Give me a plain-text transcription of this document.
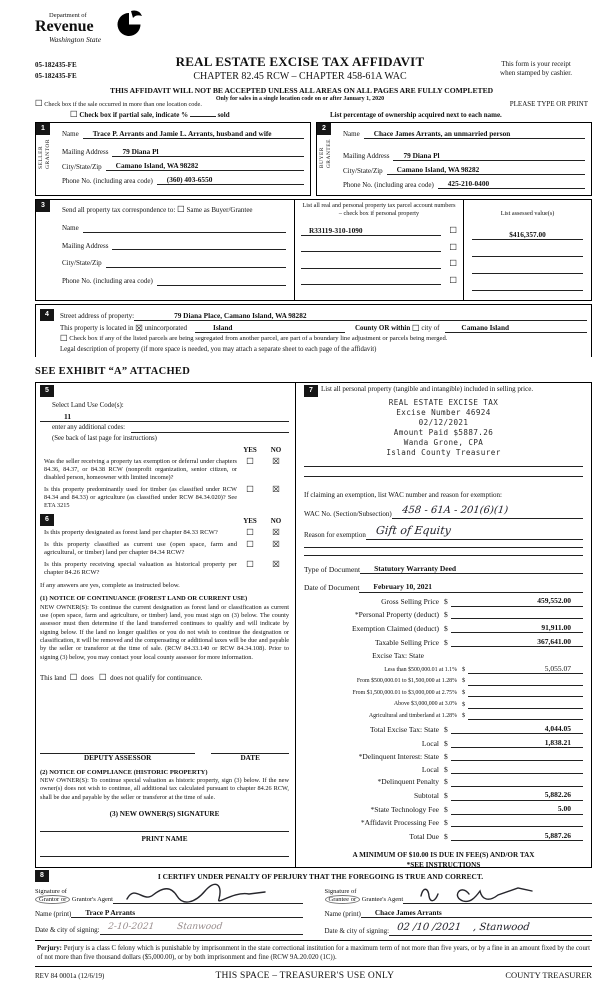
Department of
Revenue
Washington State
05-182435-FE
05-182435-FE
REAL ESTATE EXCISE TAX AFFIDAVIT
CHAPTER 82.45 RCW – CHAPTER 458-61A WAC
THIS AFFIDAVIT WILL NOT BE ACCEPTED UNLESS ALL AREAS ON ALL PAGES ARE FULLY COMPLETED
Only for sales in a single location code on or after January 1, 2020
This form is your receipt
when stamped by cashier.
☐ Check box if the sale occurred in more than one location code.	PLEASE TYPE OR PRINT
☐ Check box if partial sale, indicate %	sold	List percentage of ownership acquired next to each name.
1
SELLER GRANTOR
Name	Trace P. Arrants and Jamie L. Arrants, husband and wife
Mailing Address	79 Diana Pl
City/State/Zip	Camano Island, WA 98282
Phone No. (including area code)	(360) 403-6550
2
BUYER GRANTEE
Name	Chace James Arrants, an unmarried person
Mailing Address	79 Diana Pl
City/State/Zip	Camano Island, WA 98282
Phone No. (including area code)	425-210-0400
3
Send all property tax correspondence to: ☐ Same as Buyer/Grantee
Name
Mailing Address
City/State/Zip
Phone No. (including area code)
List all real and personal property tax parcel account numbers – check box if personal property
R33119-310-1090	☐
☐
☐
☐
List assessed value(s)
$416,357.00
4	Street address of property:	79 Diana Place, Camano Island, WA 98282
This property is located in
☒
unincorporated	Island	County OR within
☐
city of	Camano Island
☐
Check box if any of the listed parcels are being segregated from another parcel, are part of a boundary line adjustment or parcels being merged.
Legal description of property (if more space is needed, you may attach a separate sheet to each page of the affidavit)
SEE EXHIBIT “A” ATTACHED
5
Select Land Use Code(s):
11
enter any additional codes:
(See back of last page for instructions)
YES	NO
Was the seller receiving a property tax exemption or deferral under chapters 84.36, 84.37, or 84.38 RCW (nonprofit organization, senior citizen, or disabled person, homeowner with limited income)?
☐	☒
Is this property predominantly used for timber (as classified under RCW 84.34 and 84.33) or agriculture (as classified under RCW 84.34.020)? See ETA 3215
☐	☒
6	YES	NO
Is this property designated as forest land per chapter 84.33 RCW?	☐	☒
Is this property classified as current use (open space, farm and agricultural, or timber) land per chapter 84.34 RCW?
☐	☒
Is this property receiving special valuation as historical property per chapter 84.26 RCW?
☐	☒
If any answers are yes, complete as instructed below.
(1) NOTICE OF CONTINUANCE (FOREST LAND OR CURRENT USE)
NEW OWNER(S): To continue the current designation as forest land or classification as current use (open space, farm and agriculture, or timber) land, you must sign on (3) below. The county assessor must then determine if the land transferred continues to qualify and will indicate by signing below. If the land no longer qualifies or you do not wish to continue the designation or classification, it will be removed and the compensating or additional taxes will be due and payable by the seller or transferor at the time of sale. (RCW 84.33.140 or RCW 84.34.108). Prior to signing (3) below, you may contact your local county assessor for more information.
This land ☐ does ☐ does not qualify for continuance.
DEPUTY ASSESSOR	DATE
(2) NOTICE OF COMPLIANCE (HISTORIC PROPERTY)
NEW OWNER(S): To continue special valuation as historic property, sign (3) below. If the new owner(s) does not wish to continue, all additional tax calculated pursuant to chapter 84.26 RCW, shall be due and payable by the seller or transferor at the time of sale.
(3) NEW OWNER(S) SIGNATURE
PRINT NAME
7	List all personal property (tangible and intangible) included in selling price.
REAL ESTATE EXCISE TAX
Excise Number 46924
02/12/2021
Amount Paid $5887.26
Wanda Grone, CPA
Island County Treasurer
If claiming an exemption, list WAC number and reason for exemption:
WAC No. (Section/Subsection) 458 - 61A - 201(6)(1)
Reason for exemption Gift of Equity
Type of Document	Statutory Warranty Deed
Date of Document	February 10, 2021
Gross Selling Price $	459,552.00
*Personal Property (deduct) $
Exemption Claimed (deduct) $	91,911.00
Taxable Selling Price $	367,641.00
Excise Tax: State
Less than $500,000.01 at 1.1% $	5,055.07
From $500,000.01 to $1,500,000 at 1.28% $
From $1,500,000.01 to $3,000,000 at 2.75% $
Above $3,000,000 at 3.0% $
Agricultural and timberland at 1.28% $
Total Excise Tax: State $	4,044.05
Local $	1,838.21
*Delinquent Interest: State $
Local $
*Delinquent Penalty $
Subtotal $	5,882.26
*State Technology Fee $	5.00
*Affidavit Processing Fee $
Total Due $	5,887.26
A MINIMUM OF $10.00 IS DUE IN FEE(S) AND/OR TAX
*SEE INSTRUCTIONS
8	I CERTIFY UNDER PENALTY OF PERJURY THAT THE FOREGOING IS TRUE AND CORRECT.
Signature of
Grantor or Grantor's Agent
Name (print)	Trace P Arrants
Date & city of signing: 2-10-2021	Stanwood
Signature of
Grantee or Grantee's Agent
Name (print)	Chace James Arrants
Date & city of signing: 02 /10 /2021 , Stanwood
Perjury: Perjury is a class C felony which is punishable by imprisonment in the state correctional institution for a maximum term of not more than five years, or by a fine in an amount fixed by the court of not more than five thousand dollars ($5,000.00), or by both imprisonment and fine (RCW 9A.20.020 (1C)).
REV 84 0001a (12/6/19)	THIS SPACE – TREASURER'S USE ONLY	COUNTY TREASURER
